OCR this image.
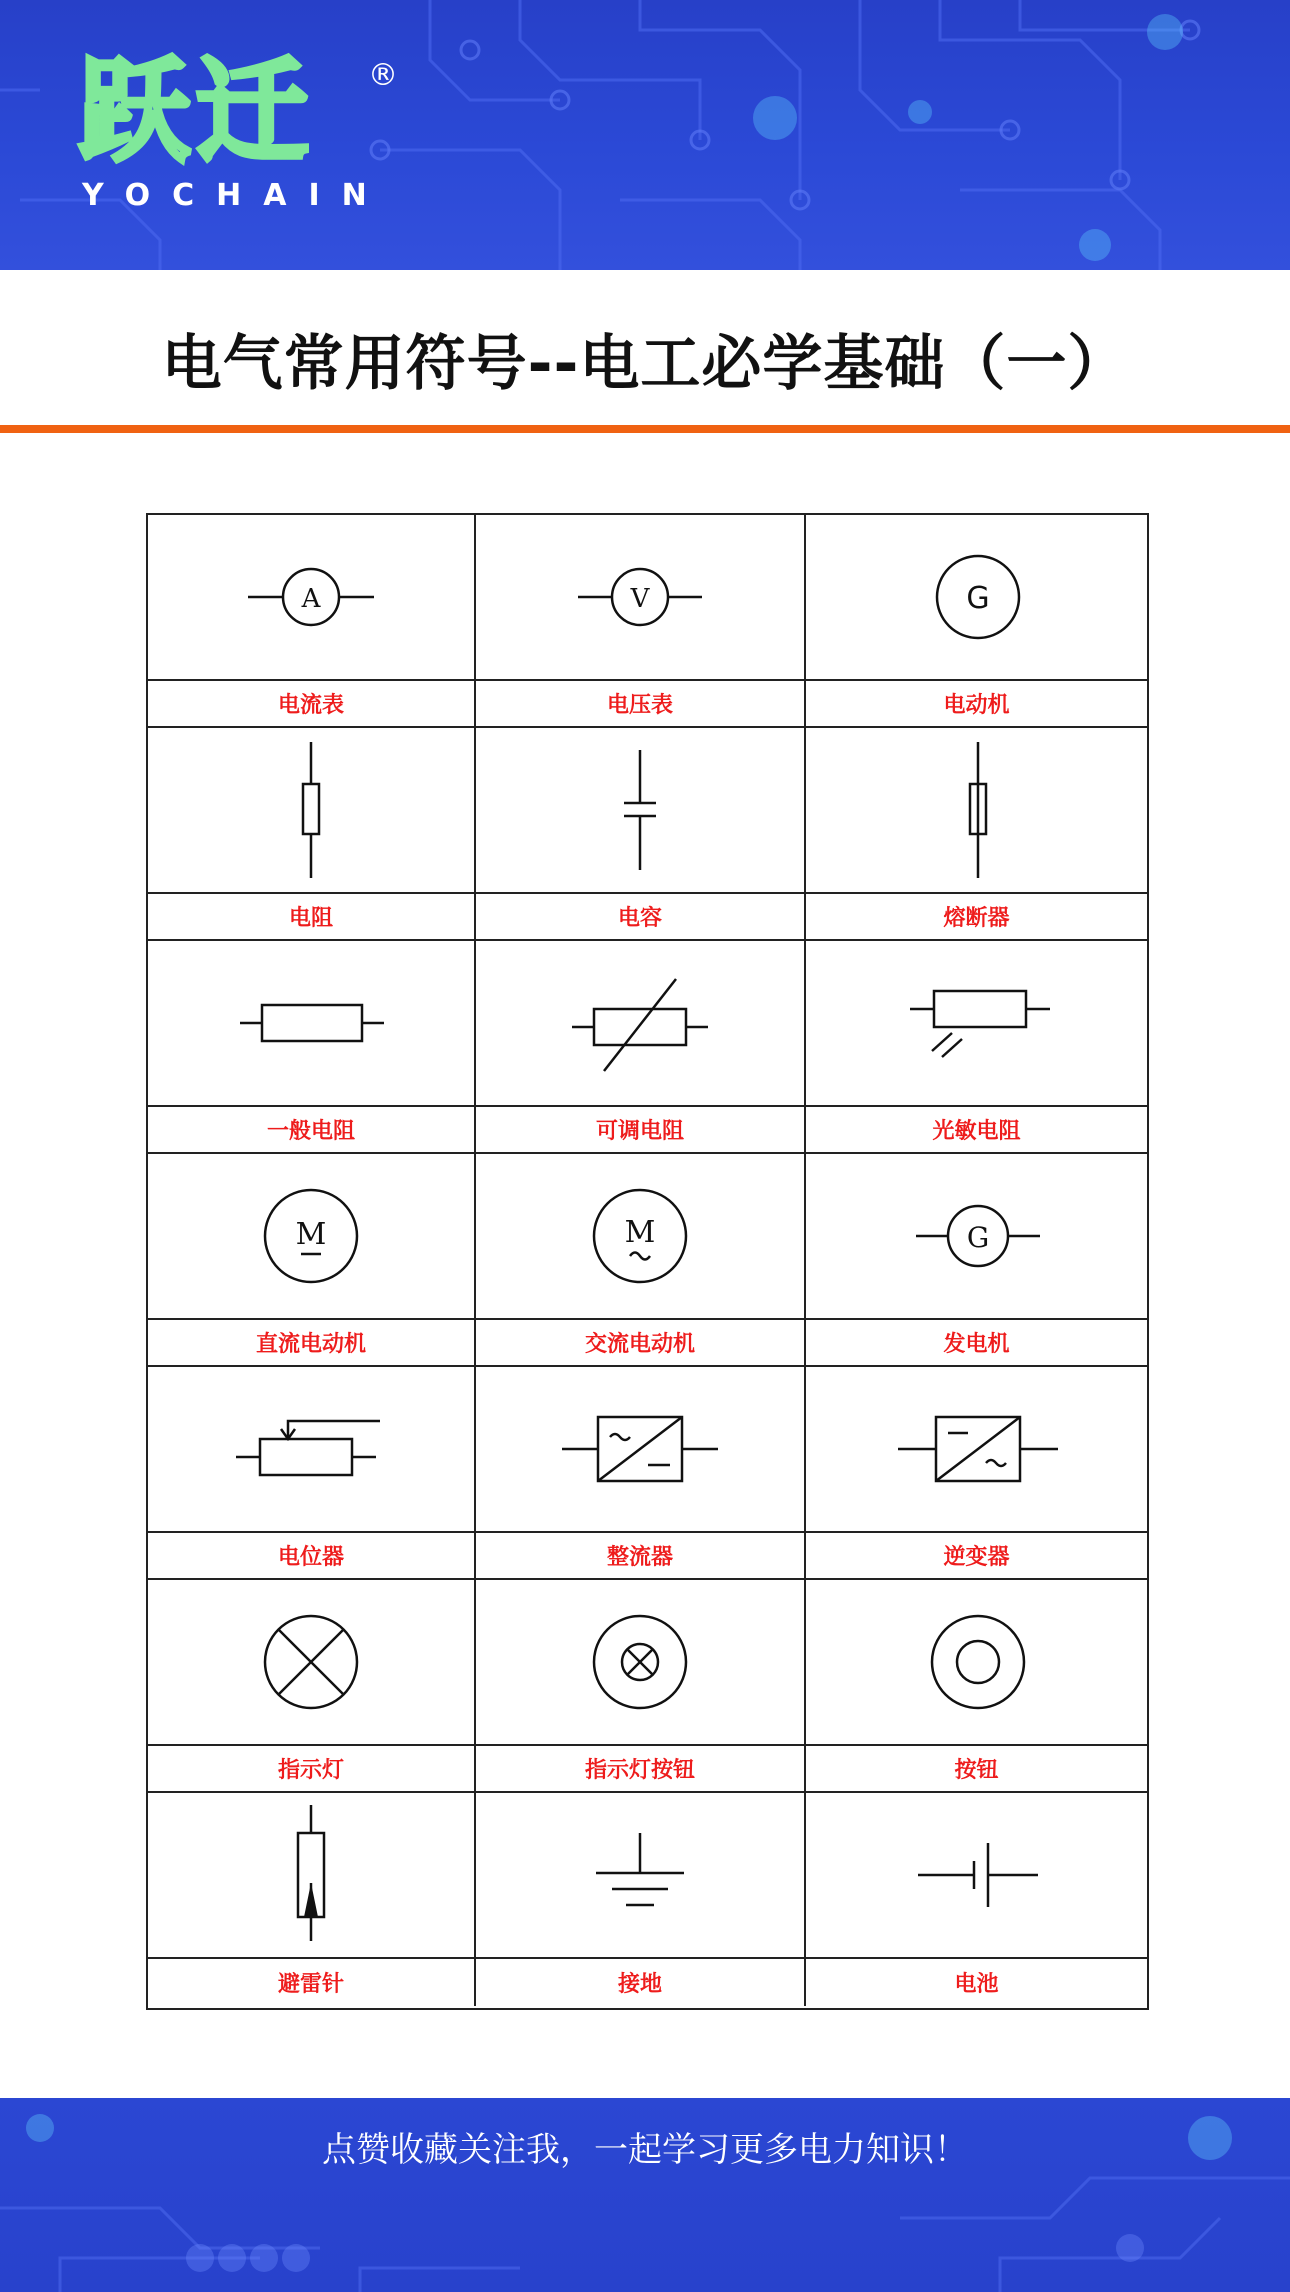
跃迁 ®
YOCHAIN
电气常用符号--电工必学基础（一）
A	V	G
电流表	电压表	电动机
电阻	电容	熔断器
一般电阻	可调电阻	光敏电阻
M	M	G
直流电动机	交流电动机	发电机
电位器	整流器	逆变器
指示灯	指示灯按钮	按钮
避雷针	接地	电池
点赞收藏关注我，一起学习更多电力知识！
